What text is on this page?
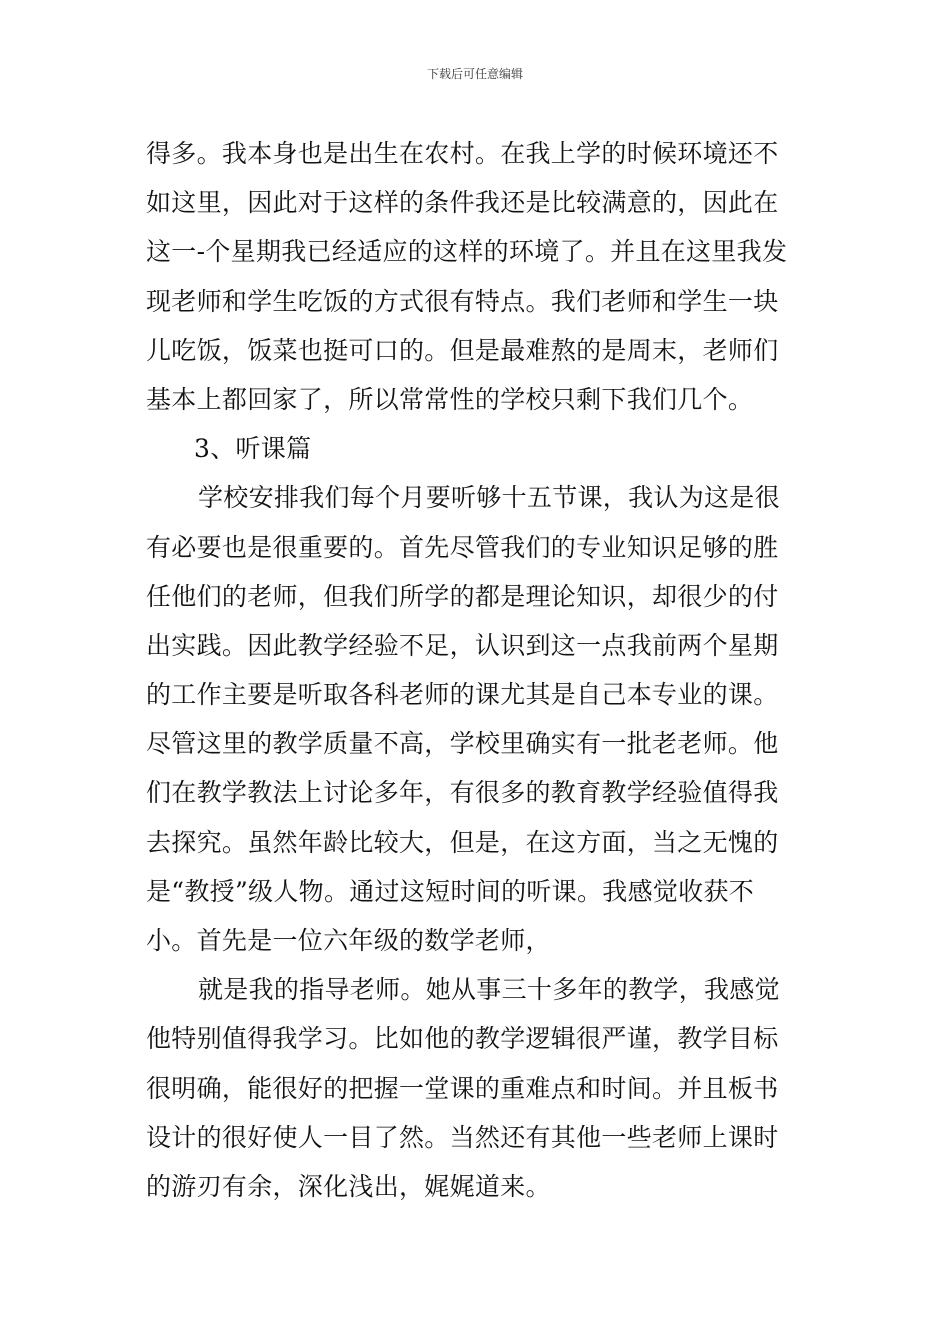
下载后可任意编辑
得多。我本身也是出生在农村。在我上学的时候环境还不
如这里，因此对于这样的条件我还是比较满意的，因此在
这一-个星期我已经适应的这样的环境了。并且在这里我发
现老师和学生吃饭的方式很有特点。我们老师和学生一块
儿吃饭，饭菜也挺可口的。但是最难熬的是周末，老师们
基本上都回家了，所以常常性的学校只剩下我们几个。
3、听课篇
学校安排我们每个月要听够十五节课，我认为这是很
有必要也是很重要的。首先尽管我们的专业知识足够的胜
任他们的老师，但我们所学的都是理论知识，却很少的付
出实践。因此教学经验不足，认识到这一点我前两个星期
的工作主要是听取各科老师的课尤其是自己本专业的课。
尽管这里的教学质量不高，学校里确实有一批老老师。他
们在教学教法上讨论多年，有很多的教育教学经验值得我
去探究。虽然年龄比较大，但是，在这方面，当之无愧的
是“教授”级人物。通过这短时间的听课。我感觉收获不
小。首先是一位六年级的数学老师，
就是我的指导老师。她从事三十多年的教学，我感觉
他特别值得我学习。比如他的教学逻辑很严谨，教学目标
很明确，能很好的把握一堂课的重难点和时间。并且板书
设计的很好使人一目了然。当然还有其他一些老师上课时
的游刃有余，深化浅出，娓娓道来。
